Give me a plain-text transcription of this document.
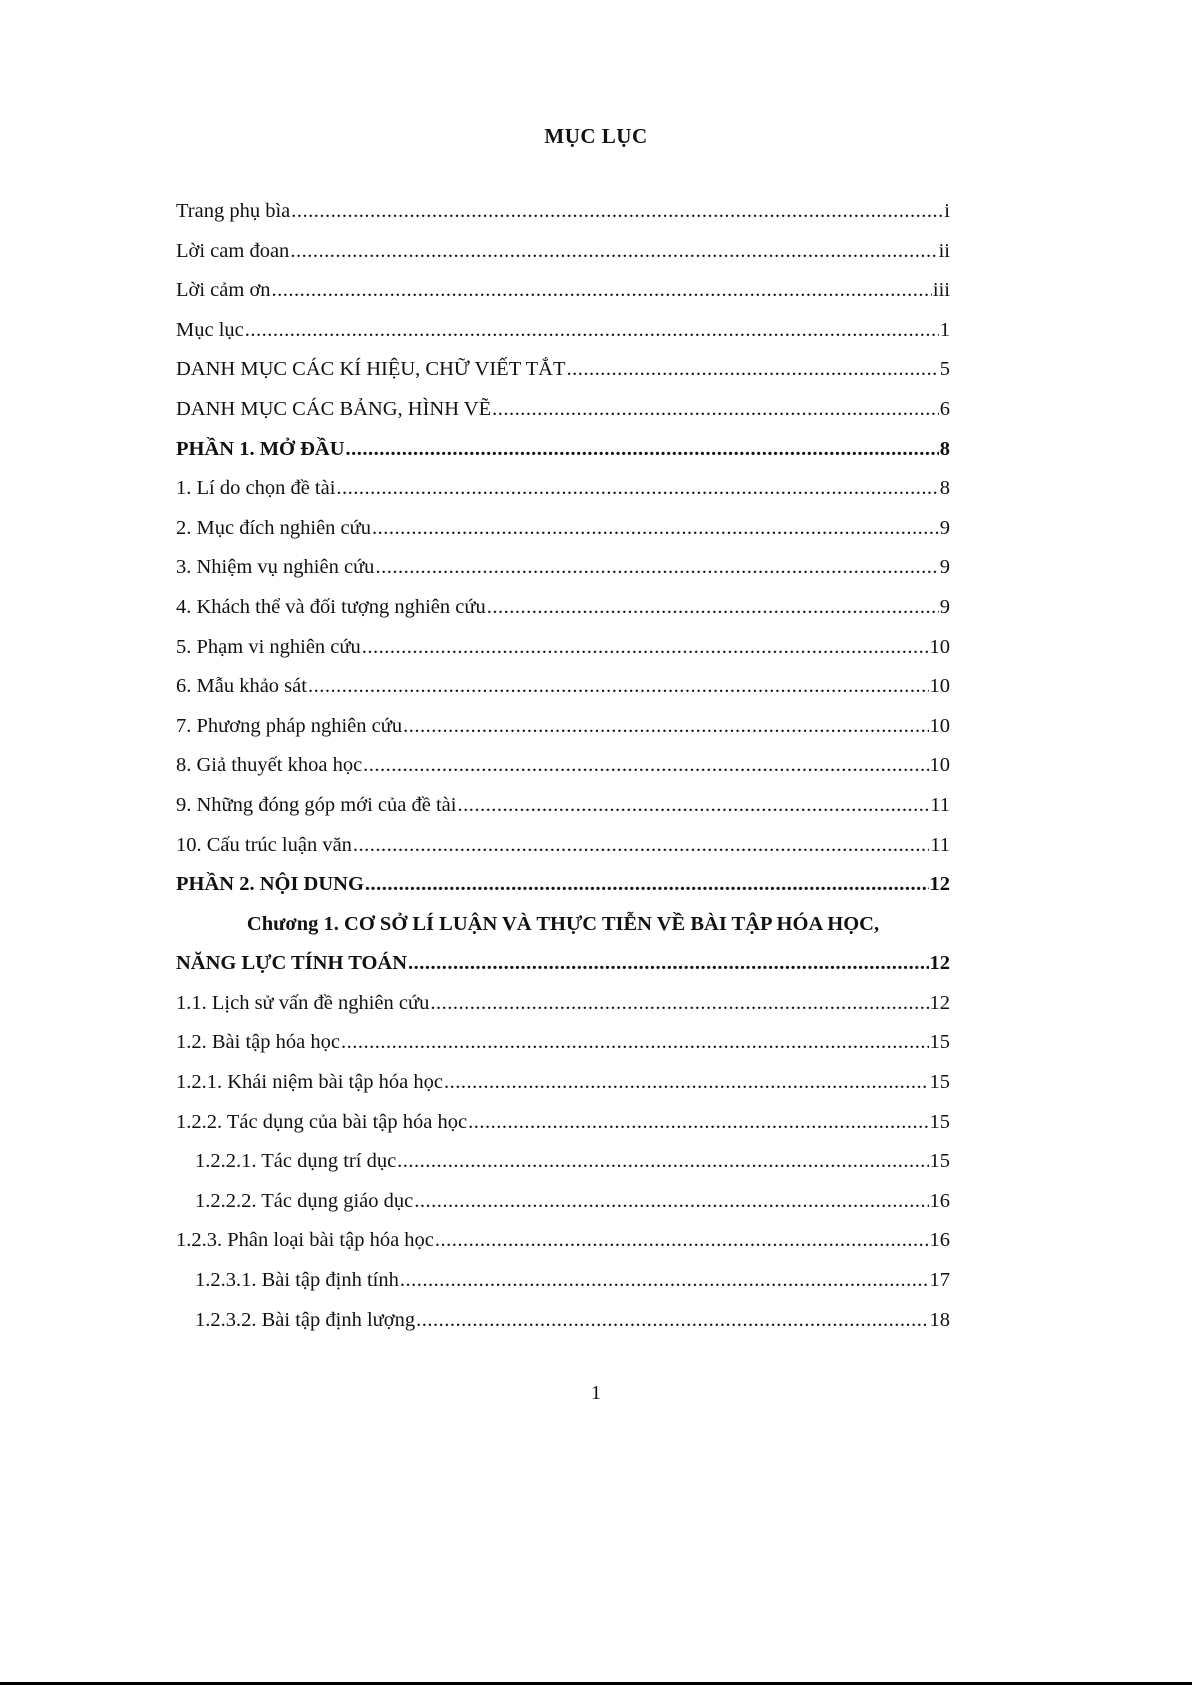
MỤC LỤC
Trang phụ bìa .....	i
Lời cam đoan .....	ii
Lời cảm ơn .....	iii
Mục lục .....	1
DANH MỤC CÁC KÍ HIỆU, CHỮ VIẾT TẮT .....	5
DANH MỤC CÁC BẢNG, HÌNH VẼ .....	6
PHẦN 1. MỞ ĐẦU .....	8
1. Lí do chọn đề tài .....	8
2. Mục đích nghiên cứu .....	9
3. Nhiệm vụ nghiên cứu .....	9
4. Khách thể và đối tượng nghiên cứu .....	9
5. Phạm vi nghiên cứu .....	10
6. Mẫu khảo sát .....	10
7. Phương pháp nghiên cứu .....	10
8. Giả thuyết khoa học .....	10
9. Những đóng góp mới của đề tài .....	11
10. Cấu trúc luận văn .....	11
PHẦN 2. NỘI DUNG .....	12
Chương 1. CƠ SỞ LÍ LUẬN VÀ THỰC TIỄN VỀ BÀI TẬP HÓA HỌC,
NĂNG LỰC TÍNH TOÁN .....	12
1.1. Lịch sử vấn đề nghiên cứu .....	12
1.2. Bài tập hóa học .....	15
1.2.1. Khái niệm bài tập hóa học .....	15
1.2.2. Tác dụng của bài tập hóa học .....	15
1.2.2.1. Tác dụng trí dục .....	15
1.2.2.2. Tác dụng giáo dục .....	16
1.2.3. Phân loại bài tập hóa học .....	16
1.2.3.1. Bài tập định tính .....	17
1.2.3.2. Bài tập định lượng .....	18
1
